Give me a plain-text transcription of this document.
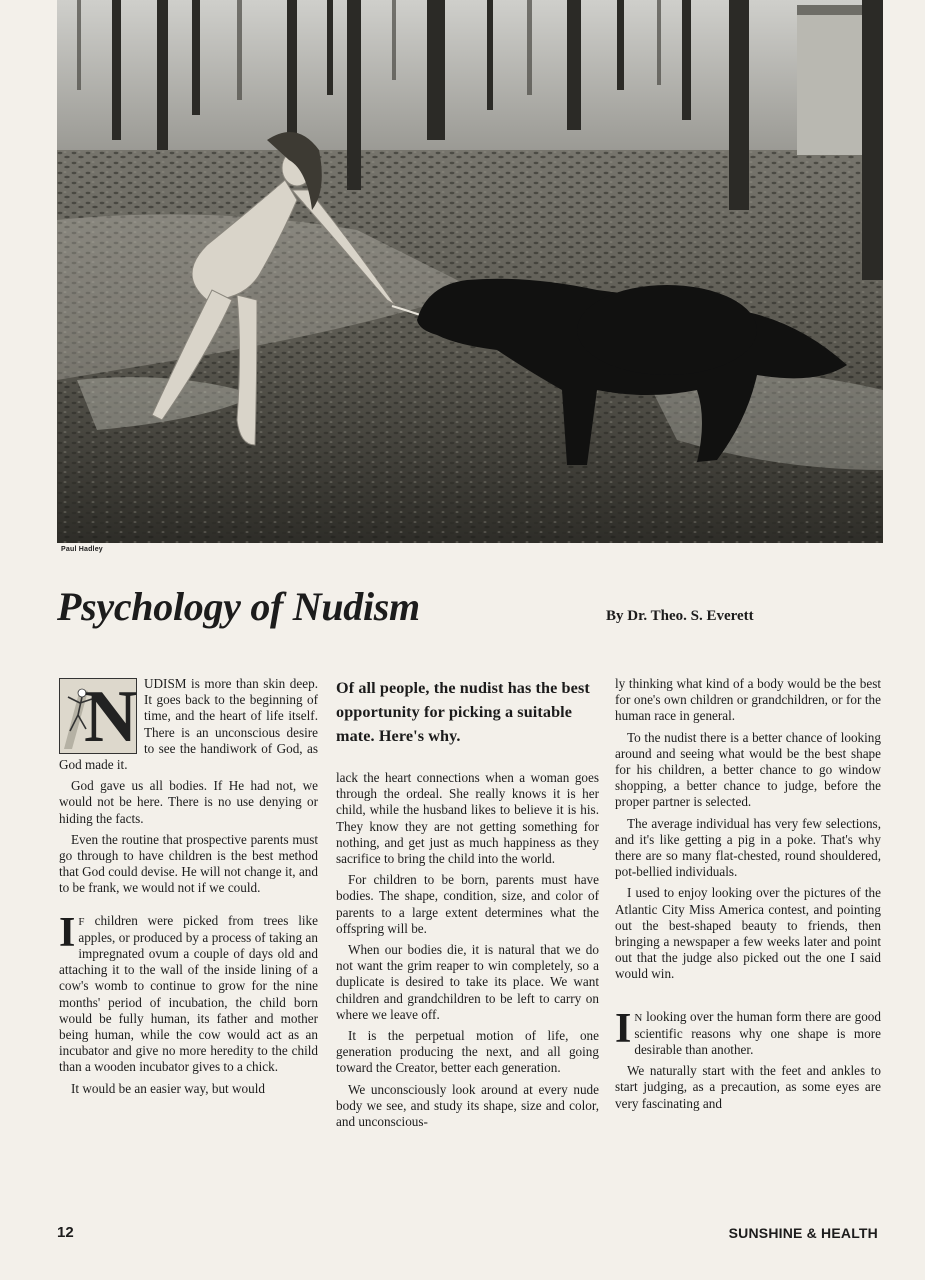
Paul Hadley
Psychology of Nudism	By Dr. Theo. S. Everett
N UDISM is more than skin deep. It goes back to the beginning of time, and the heart of life itself. There is an unconscious desire to see the handiwork of God, as God made it.

God gave us all bodies. If He had not, we would not be here. There is no use denying or hiding the facts.

Even the routine that prospective parents must go through to have children is the best method that God could devise. He will not change it, and to be frank, we would not if we could.

I F children were picked from trees like apples, or produced by a process of taking an impregnated ovum a couple of days old and attaching it to the wall of the inside lining of a cow's womb to continue to grow for the nine months' period of incubation, the child born would be fully human, its father and mother being human, while the cow would act as an incubator and give no more heredity to the child than a wooden incubator gives to a chick.

It would be an easier way, but would

Of all people, the nudist has the best opportunity for picking a suitable mate. Here's why.

lack the heart connections when a woman goes through the ordeal. She really knows it is her child, while the husband likes to believe it is his. They know they are not getting something for nothing, and get just as much happiness as they sacrifice to bring the child into the world.

For children to be born, parents must have bodies. The shape, condition, size, and color of parents to a large extent determines what the offspring will be.

When our bodies die, it is natural that we do not want the grim reaper to win completely, so a duplicate is desired to take its place. We want children and grandchildren to be left to carry on where we leave off.

It is the perpetual motion of life, one generation producing the next, and all going toward the Creator, better each generation.

We unconsciously look around at every nude body we see, and study its shape, size and color, and unconscious-

ly thinking what kind of a body would be the best for one's own children or grandchildren, or for the human race in general.

To the nudist there is a better chance of looking around and seeing what would be the best shape for his children, a better chance to go window shopping, a better chance to judge, before the proper partner is selected.

The average individual has very few selections, and it's like getting a pig in a poke. That's why there are so many flat-chested, round shouldered, pot-bellied individuals.

I used to enjoy looking over the pictures of the Atlantic City Miss America contest, and pointing out the best-shaped beauty to friends, then bringing a newspaper a few weeks later and point out that the judge also picked out the one I said would win.

I N looking over the human form there are good scientific reasons why one shape is more desirable than another.

We naturally start with the feet and ankles to start judging, as a precaution, as some eyes are very fascinating and

12	SUNSHINE & HEALTH
